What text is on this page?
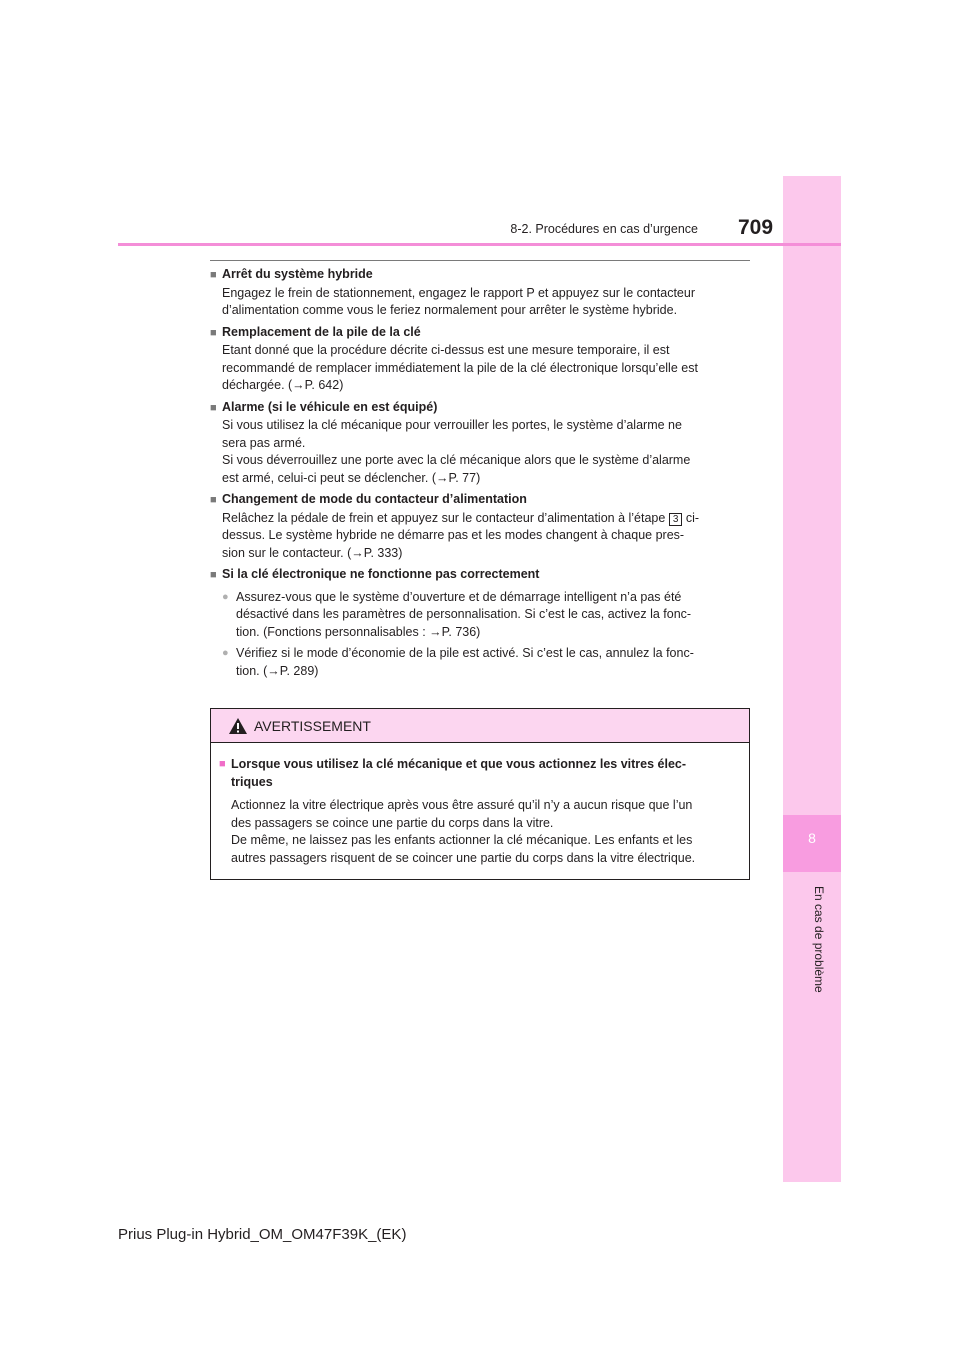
8
En cas de problème
8-2. Procédures en cas d’urgence 709
■ Arrêt du système hybride
Engagez le frein de stationnement, engagez le rapport P et appuyez sur le contacteur
d’alimentation comme vous le feriez normalement pour arrêter le système hybride.
■ Remplacement de la pile de la clé
Etant donné que la procédure décrite ci-dessus est une mesure temporaire, il est
recommandé de remplacer immédiatement la pile de la clé électronique lorsqu’elle est
déchargée. (→P. 642)
■ Alarme (si le véhicule en est équipé)
Si vous utilisez la clé mécanique pour verrouiller les portes, le système d’alarme ne
sera pas armé.
Si vous déverrouillez une porte avec la clé mécanique alors que le système d’alarme
est armé, celui-ci peut se déclencher. (→P. 77)
■ Changement de mode du contacteur d’alimentation
Relâchez la pédale de frein et appuyez sur le contacteur d’alimentation à l’étape 3 ci-
dessus. Le système hybride ne démarre pas et les modes changent à chaque pres-
sion sur le contacteur. (→P. 333)
■ Si la clé électronique ne fonctionne pas correctement
● Assurez-vous que le système d’ouverture et de démarrage intelligent n’a pas été
désactivé dans les paramètres de personnalisation. Si c’est le cas, activez la fonc-
tion. (Fonctions personnalisables : →P. 736)
● Vérifiez si le mode d’économie de la pile est activé. Si c’est le cas, annulez la fonc-
tion. (→P. 289)
AVERTISSEMENT
■ Lorsque vous utilisez la clé mécanique et que vous actionnez les vitres élec-
triques
Actionnez la vitre électrique après vous être assuré qu’il n’y a aucun risque que l’un
des passagers se coince une partie du corps dans la vitre.
De même, ne laissez pas les enfants actionner la clé mécanique. Les enfants et les
autres passagers risquent de se coincer une partie du corps dans la vitre électrique.
Prius Plug-in Hybrid_OM_OM47F39K_(EK)
